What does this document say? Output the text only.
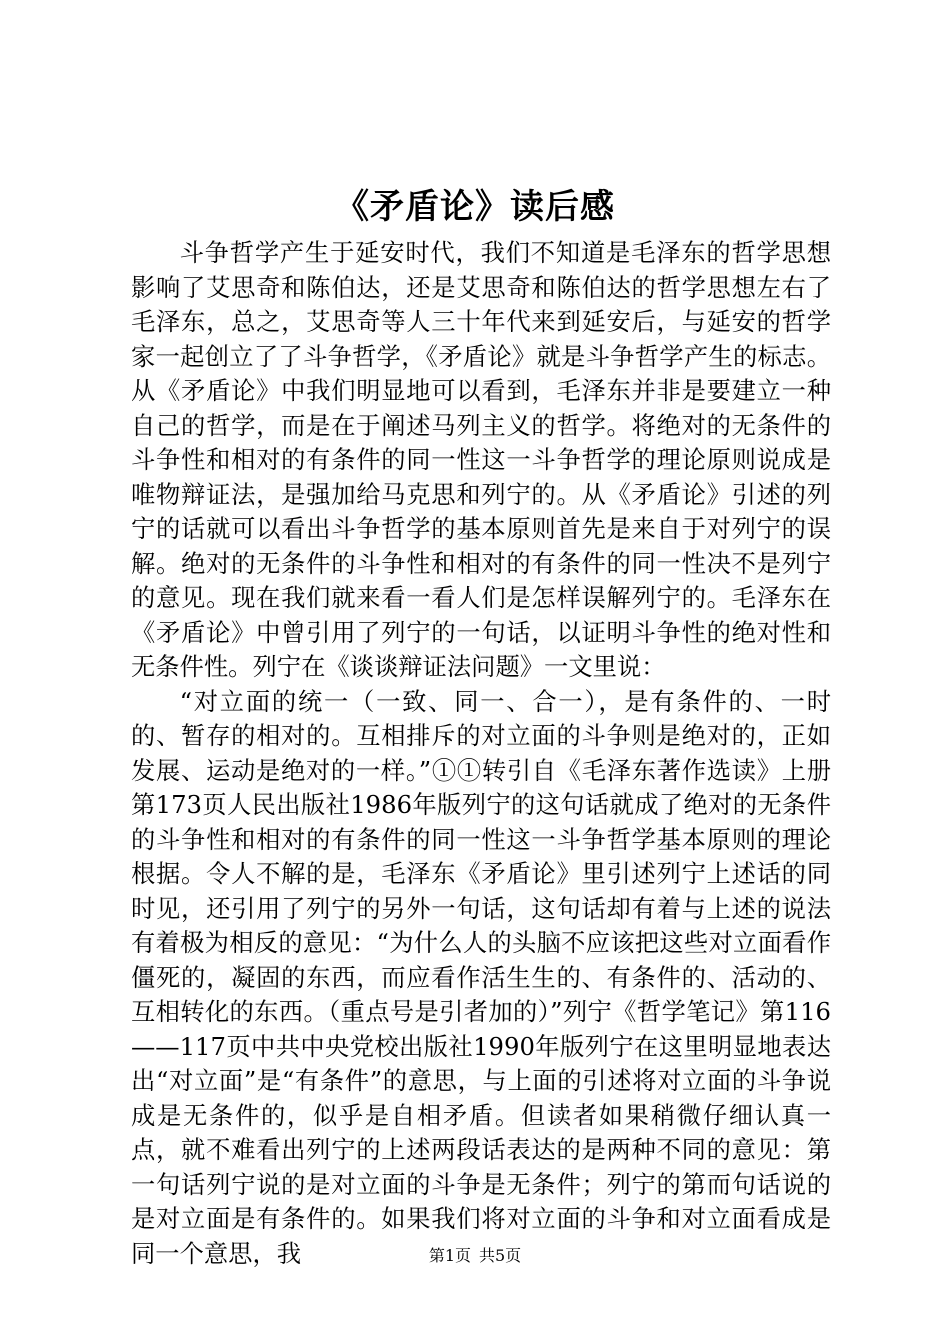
《矛盾论》读后感

斗争哲学产生于延安时代，我们不知道是毛泽东的哲学思想影响了艾思奇和陈伯达，还是艾思奇和陈伯达的哲学思想左右了毛泽东，总之，艾思奇等人三十年代来到延安后，与延安的哲学家一起创立了了斗争哲学，《矛盾论》就是斗争哲学产生的标志。从《矛盾论》中我们明显地可以看到，毛泽东并非是要建立一种自己的哲学，而是在于阐述马列主义的哲学。将绝对的无条件的斗争性和相对的有条件的同一性这一斗争哲学的理论原则说成是唯物辩证法，是强加给马克思和列宁的。从《矛盾论》引述的列宁的话就可以看出斗争哲学的基本原则首先是来自于对列宁的误解。绝对的无条件的斗争性和相对的有条件的同一性决不是列宁的意见。现在我们就来看一看人们是怎样误解列宁的。毛泽东在《矛盾论》中曾引用了列宁的一句话，以证明斗争性的绝对性和无条件性。列宁在《谈谈辩证法问题》一文里说：

“对立面的统一（一致、同一、合一），是有条件的、一时的、暂存的相对的。互相排斥的对立面的斗争则是绝对的，正如发展、运动是绝对的一样。”①①转引自《毛泽东著作选读》上册第173页人民出版社1986年版列宁的这句话就成了绝对的无条件的斗争性和相对的有条件的同一性这一斗争哲学基本原则的理论根据。令人不解的是，毛泽东《矛盾论》里引述列宁上述话的同时见，还引用了列宁的另外一句话，这句话却有着与上述的说法有着极为相反的意见：“为什么人的头脑不应该把这些对立面看作僵死的，凝固的东西，而应看作活生生的、有条件的、活动的、互相转化的东西。（重点号是引者加的）”列宁《哲学笔记》第116——117页中共中央党校出版社1990年版列宁在这里明显地表达出“对立面”是“有条件”的意思，与上面的引述将对立面的斗争说成是无条件的，似乎是自相矛盾。但读者如果稍微仔细认真一点，就不难看出列宁的上述两段话表达的是两种不同的意见：第一句话列宁说的是对立面的斗争是无条件；列宁的第而句话说的是对立面是有条件的。如果我们将对立面的斗争和对立面看成是同一个意思，我	第1页 共5页
